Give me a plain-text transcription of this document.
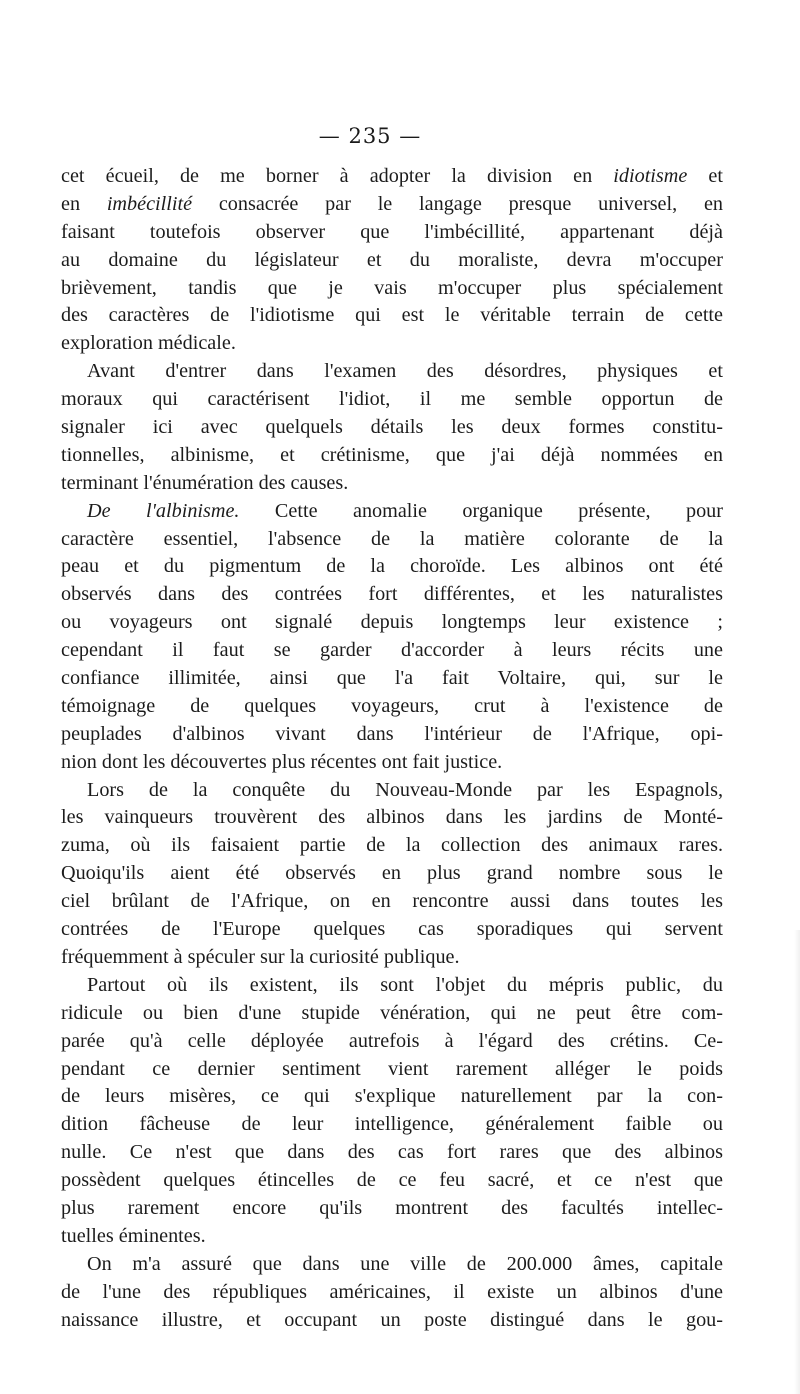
— 235 —
cet écueil, de me borner à adopter la division en idiotisme et
en imbécillité consacrée par le langage presque universel, en
faisant toutefois observer que l'imbécillité, appartenant déjà
au domaine du législateur et du moraliste, devra m'occuper
brièvement, tandis que je vais m'occuper plus spécialement
des caractères de l'idiotisme qui est le véritable terrain de cette
exploration médicale.
Avant d'entrer dans l'examen des désordres, physiques et
moraux qui caractérisent l'idiot, il me semble opportun de
signaler ici avec quelquels détails les deux formes constitu-
tionnelles, albinisme, et crétinisme, que j'ai déjà nommées en
terminant l'énumération des causes.
De l'albinisme. Cette anomalie organique présente, pour
caractère essentiel, l'absence de la matière colorante de la
peau et du pigmentum de la choroïde. Les albinos ont été
observés dans des contrées fort différentes, et les naturalistes
ou voyageurs ont signalé depuis longtemps leur existence ;
cependant il faut se garder d'accorder à leurs récits une
confiance illimitée, ainsi que l'a fait Voltaire, qui, sur le
témoignage de quelques voyageurs, crut à l'existence de
peuplades d'albinos vivant dans l'intérieur de l'Afrique, opi-
nion dont les découvertes plus récentes ont fait justice.
Lors de la conquête du Nouveau-Monde par les Espagnols,
les vainqueurs trouvèrent des albinos dans les jardins de Monté-
zuma, où ils faisaient partie de la collection des animaux rares.
Quoiqu'ils aient été observés en plus grand nombre sous le
ciel brûlant de l'Afrique, on en rencontre aussi dans toutes les
contrées de l'Europe quelques cas sporadiques qui servent
fréquemment à spéculer sur la curiosité publique.
Partout où ils existent, ils sont l'objet du mépris public, du
ridicule ou bien d'une stupide vénération, qui ne peut être com-
parée qu'à celle déployée autrefois à l'égard des crétins. Ce-
pendant ce dernier sentiment vient rarement alléger le poids
de leurs misères, ce qui s'explique naturellement par la con-
dition fâcheuse de leur intelligence, généralement faible ou
nulle. Ce n'est que dans des cas fort rares que des albinos
possèdent quelques étincelles de ce feu sacré, et ce n'est que
plus rarement encore qu'ils montrent des facultés intellec-
tuelles éminentes.
On m'a assuré que dans une ville de 200.000 âmes, capitale
de l'une des républiques américaines, il existe un albinos d'une
naissance illustre, et occupant un poste distingué dans le gou-
